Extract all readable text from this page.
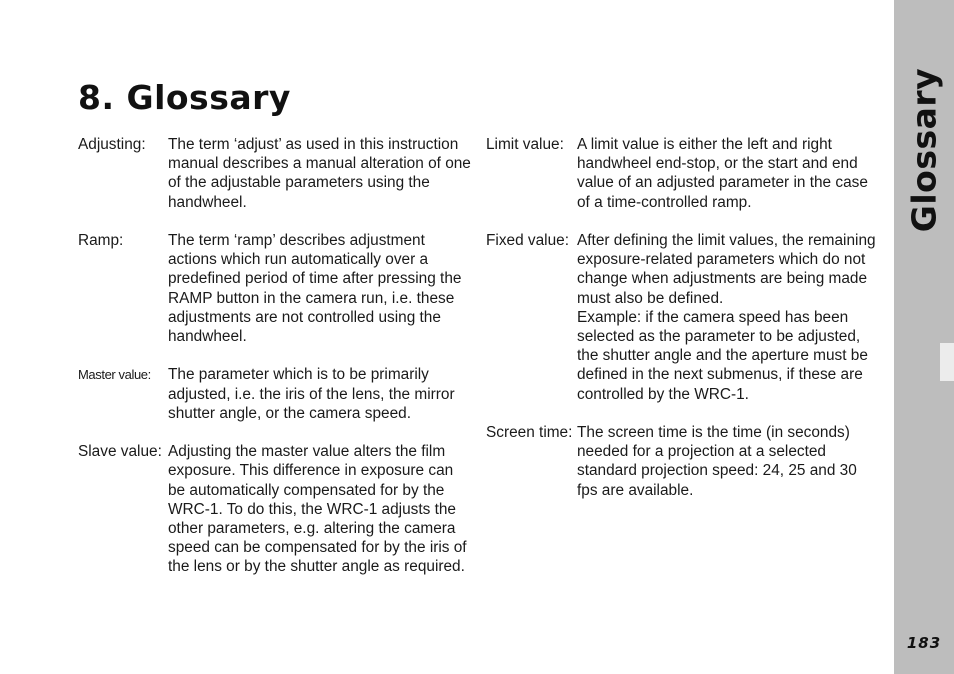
8. Glossary
Adjusting:	The term ‘adjust’ as used in this instruction manual describes a manual alteration of one of the adjustable parameters using the handwheel.

Ramp:	The term ‘ramp’ describes adjustment actions which run automatically over a predefined period of time after pressing the RAMP button in the camera run, i.e. these adjustments are not controlled using the handwheel.

Master value:	The parameter which is to be primarily adjusted, i.e. the iris of the lens, the mirror shutter angle, or the camera speed.

Slave value: Adjusting the master value alters the film exposure. This difference in exposure can be automatically compensated for by the WRC-1. To do this, the WRC-1 adjusts the other parameters, e.g. altering the camera speed can be compensated for by the iris of the lens or by the shutter angle as required.

Limit value: A limit value is either the left and right handwheel end-stop, or the start and end value of an adjusted parameter in the case of a time-controlled ramp.

Fixed value: After defining the limit values, the remaining exposure-related parameters which do not change when adjustments are being made must also be defined.

Example: if the camera speed has been selected as the parameter to be adjusted, the shutter angle and the aperture must be defined in the next submenus, if these are controlled by the WRC-1.

Screen time: The screen time is the time (in seconds) needed for a projection at a selected standard projection speed: 24, 25 and 30 fps are available.

Glossary
183
